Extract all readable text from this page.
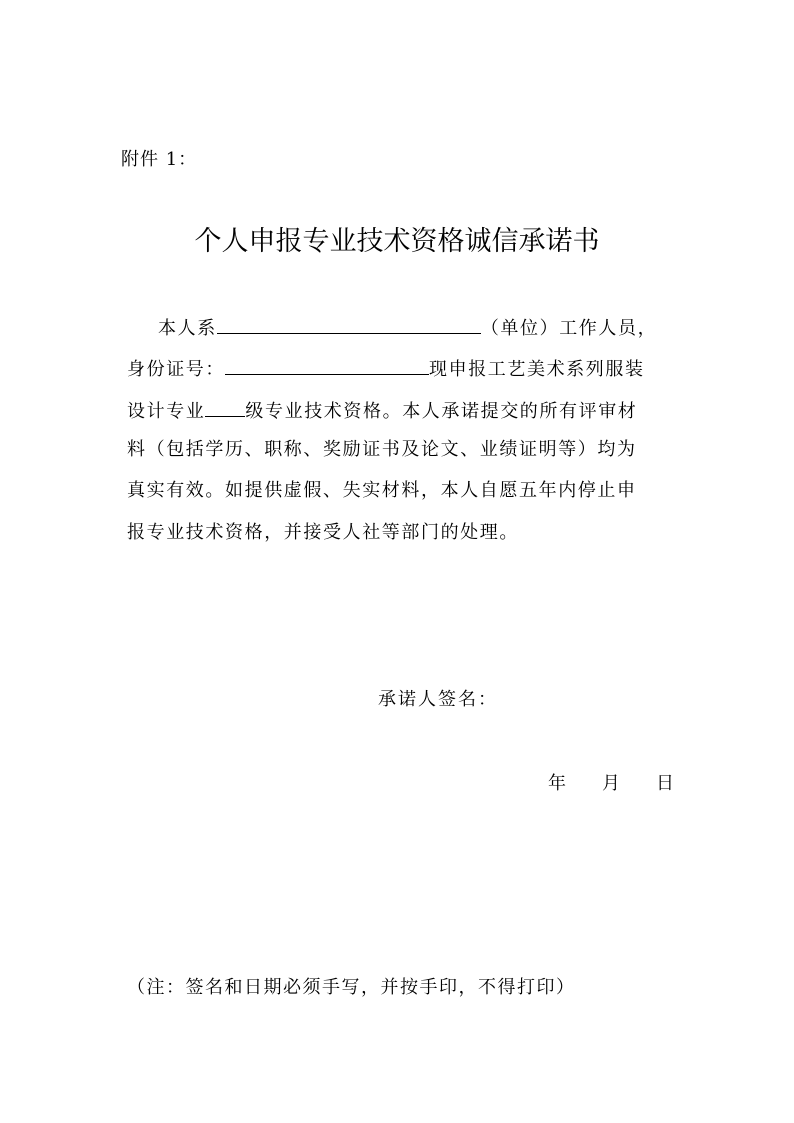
附件 1：
个人申报专业技术资格诚信承诺书
本人系	（单位）工作人员，
身份证号：	现申报工艺美术系列服装
设计专业 级专业技术资格。本人承诺提交的所有评审材
料（包括学历、职称、奖励证书及论文、业绩证明等）均为
真实有效。如提供虚假、失实材料，本人自愿五年内停止申
报专业技术资格，并接受人社等部门的处理。
承诺人签名：
年 月 日
（注：签名和日期必须手写，并按手印，不得打印）
